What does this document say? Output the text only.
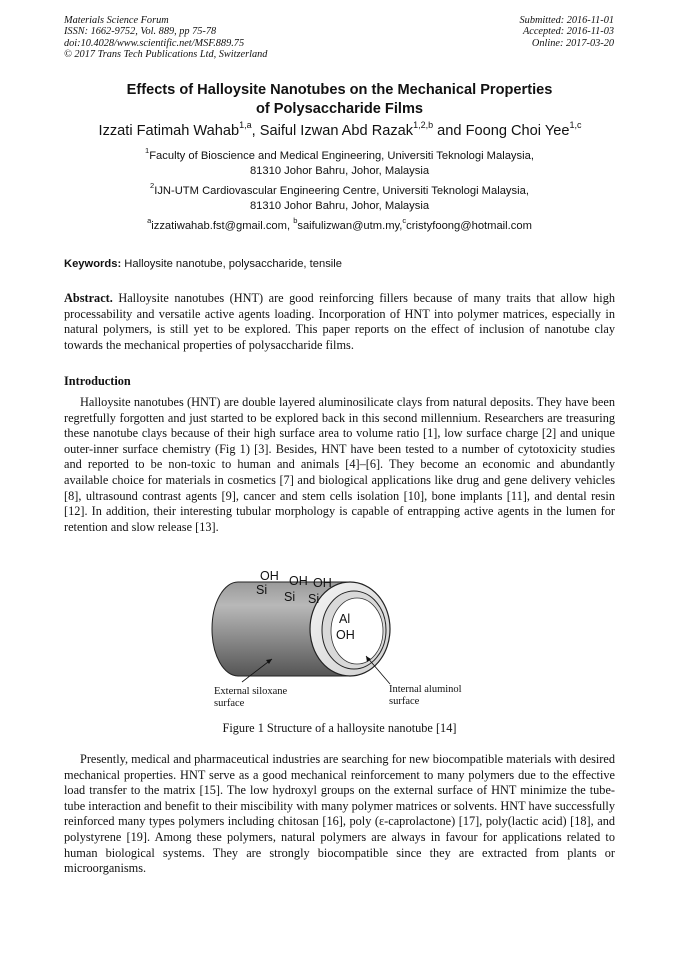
Materials Science Forum
ISSN: 1662-9752, Vol. 889, pp 75-78
doi:10.4028/www.scientific.net/MSF.889.75
© 2017 Trans Tech Publications Ltd, Switzerland
Submitted: 2016-11-01
Accepted: 2016-11-03
Online: 2017-03-20
Effects of Halloysite Nanotubes on the Mechanical Properties
of Polysaccharide Films
Izzati Fatimah Wahab$^{1,a}$, Saiful Izwan Abd Razak$^{1,2,b}$ and Foong Choi Yee$^{1,c}$
$^1$Faculty of Bioscience and Medical Engineering, Universiti Teknologi Malaysia,
81310 Johor Bahru, Johor, Malaysia
$^2$IJN-UTM Cardiovascular Engineering Centre, Universiti Teknologi Malaysia,
81310 Johor Bahru, Johor, Malaysia
$^a$izzatiwahab.fst@gmail.com, $^b$saifulizwan@utm.my,$^c$cristyfoong@hotmail.com
Keywords: Halloysite nanotube, polysaccharide, tensile
Abstract. Halloysite nanotubes (HNT) are good reinforcing fillers because of many traits that allow high processability and versatile active agents loading. Incorporation of HNT into polymer matrices, especially in natural polymers, is still yet to be explored. This paper reports on the effect of inclusion of nanotube clay towards the mechanical properties of polysaccharide films.
Introduction
Halloysite nanotubes (HNT) are double layered aluminosilicate clays from natural deposits. They have been regretfully forgotten and just started to be explored back in this second millennium. Researchers are treasuring these nanotube clays because of their high surface area to volume ratio [1], low surface charge [2] and unique outer-inner surface chemistry (Fig 1) [3]. Besides, HNT have been tested to a number of cytotoxicity studies and reported to be non-toxic to human and animals [4]–[6]. They become an economic and abundantly available choice for materials in cosmetics [7] and biological applications like drug and gene delivery vehicles [8], ultrasound contrast agents [9], cancer and stem cells isolation [10], bone implants [11], and dental resin [12]. In addition, their interesting tubular morphology is capable of entrapping active agents in the lumen for retention and slow release [13].
OH
Si
OH
Si
OH
Si
Al
OH
External siloxane
surface
Internal aluminol
surface
Figure 1 Structure of a halloysite nanotube [14]
Presently, medical and pharmaceutical industries are searching for new biocompatible materials with desired mechanical properties. HNT serve as a good mechanical reinforcement to many polymers due to the effective load transfer to the matrix [15]. The low hydroxyl groups on the external surface of HNT minimize the tube-tube interaction and benefit to their miscibility with many polymer matrices or solvents. HNT have successfully reinforced many types polymers including chitosan [16], poly (ε-caprolactone) [17], poly(lactic acid) [18], and polystyrene [19]. Among these polymers, natural polymers are always in favour for applications related to human biological systems. They are strongly biocompatible since they are extracted from plants or microorganisms.
